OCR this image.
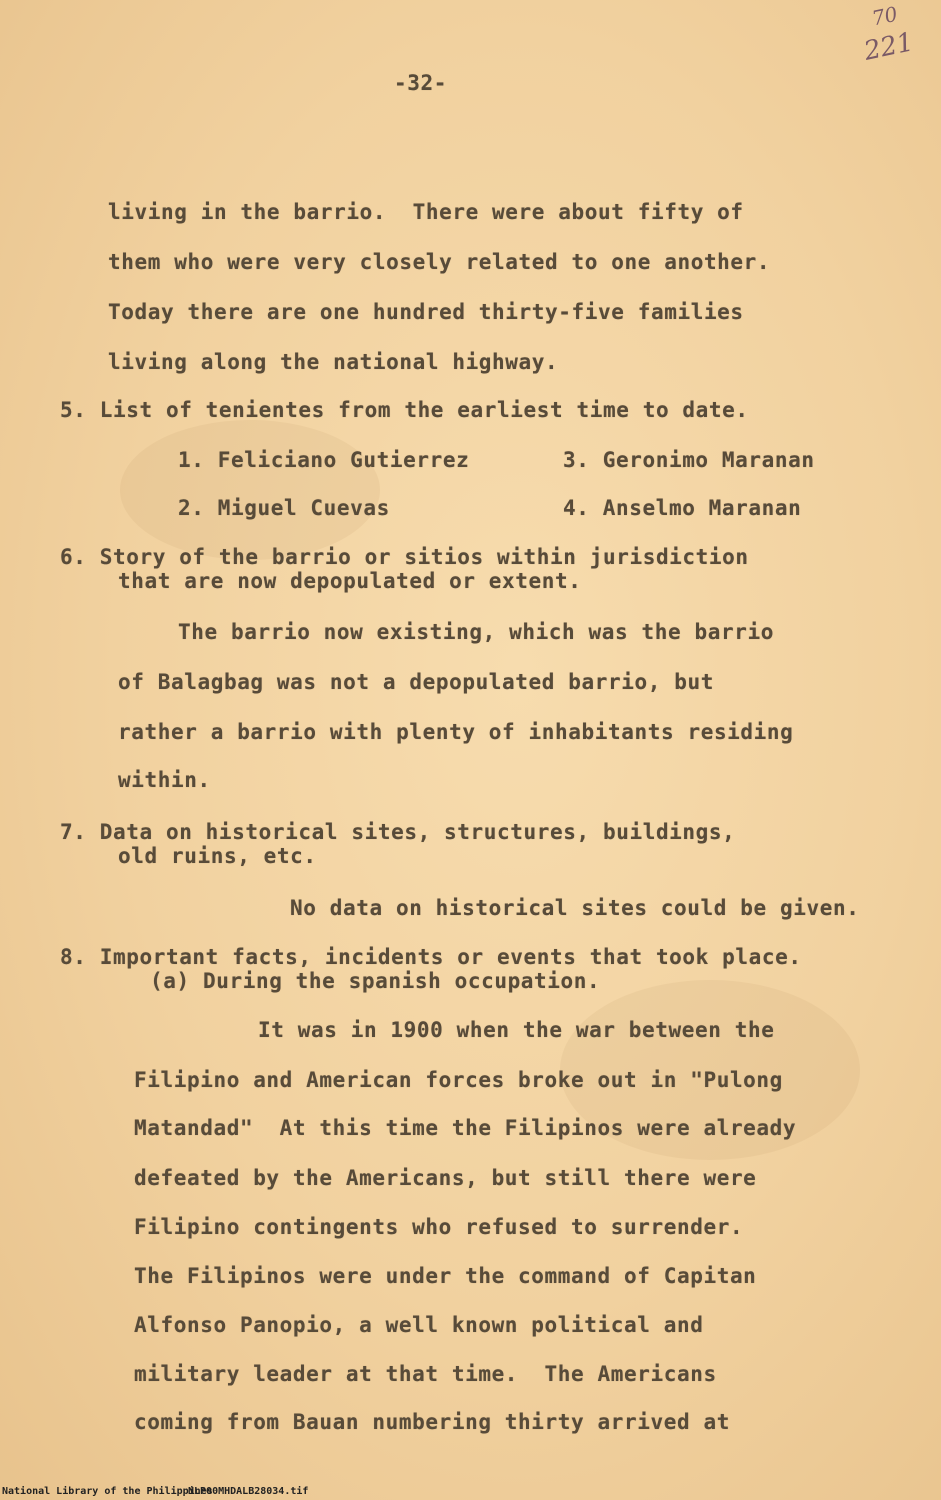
70
221
-32-
living in the barrio.  There were about fifty of
them who were very closely related to one another.
Today there are one hundred thirty-five families
living along the national highway.
5. List of tenientes from the earliest time to date.
1. Feliciano Gutierrez	3. Geronimo Maranan
2. Miguel Cuevas	4. Anselmo Maranan
6. Story of the barrio or sitios within jurisdiction
that are now depopulated or extent.
The barrio now existing, which was the barrio
of Balagbag was not a depopulated barrio, but
rather a barrio with plenty of inhabitants residing
within.
7. Data on historical sites, structures, buildings,
old ruins, etc.
No data on historical sites could be given.
8. Important facts, incidents or events that took place.
(a) During the spanish occupation.
It was in 1900 when the war between the
Filipino and American forces broke out in "Pulong
Matandad"  At this time the Filipinos were already
defeated by the Americans, but still there were
Filipino contingents who refused to surrender.
The Filipinos were under the command of Capitan
Alfonso Panopio, a well known political and
military leader at that time.  The Americans
coming from Bauan numbering thirty arrived at
National Library of the Philippines
NLP00MHDALB28034.tif
